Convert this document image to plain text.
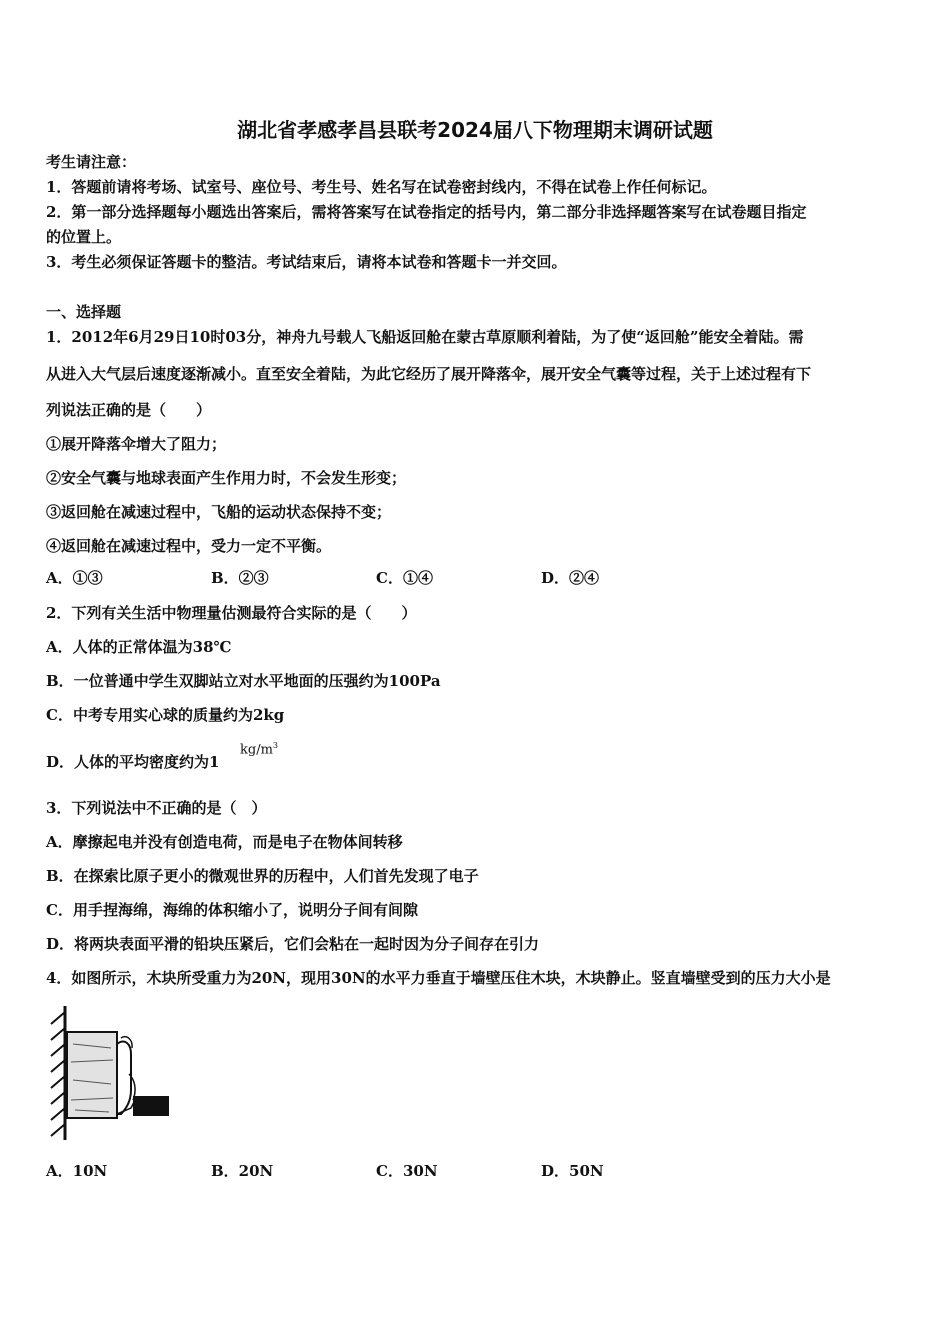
湖北省孝感孝昌县联考2024届八下物理期末调研试题
考生请注意：
1．答题前请将考场、试室号、座位号、考生号、姓名写在试卷密封线内，不得在试卷上作任何标记。
2．第一部分选择题每小题选出答案后，需将答案写在试卷指定的括号内，第二部分非选择题答案写在试卷题目指定
的位置上。
3．考生必须保证答题卡的整洁。考试结束后，请将本试卷和答题卡一并交回。
一、选择题
1．2012年6月29日10时03分，神舟九号载人飞船返回舱在蒙古草原顺利着陆，为了使“返回舱”能安全着陆。需
从进入大气层后速度逐渐减小。直至安全着陆，为此它经历了展开降落伞，展开安全气囊等过程，关于上述过程有下
列说法正确的是（　　）
①展开降落伞增大了阻力；
②安全气囊与地球表面产生作用力时，不会发生形变；
③返回舱在减速过程中，飞船的运动状态保持不变；
④返回舱在减速过程中，受力一定不平衡。
A．①③	B．②③	C．①④	D．②④
2．下列有关生活中物理量估测最符合实际的是（　　）
A．人体的正常体温为38℃
B．一位普通中学生双脚站立对水平地面的压强约为100Pa
C．中考专用实心球的质量约为2kg
D．人体的平均密度约为1
$kg/m^3$
3．下列说法中不正确的是（　）
A．摩擦起电并没有创造电荷，而是电子在物体间转移
B．在探索比原子更小的微观世界的历程中，人们首先发现了电子
C．用手捏海绵，海绵的体积缩小了，说明分子间有间隙
D．将两块表面平滑的铅块压紧后，它们会粘在一起时因为分子间存在引力
4．如图所示，木块所受重力为20N，现用30N的水平力垂直于墙壁压住木块，木块静止。竖直墙壁受到的压力大小是
A．10N	B．20N	C．30N	D．50N
